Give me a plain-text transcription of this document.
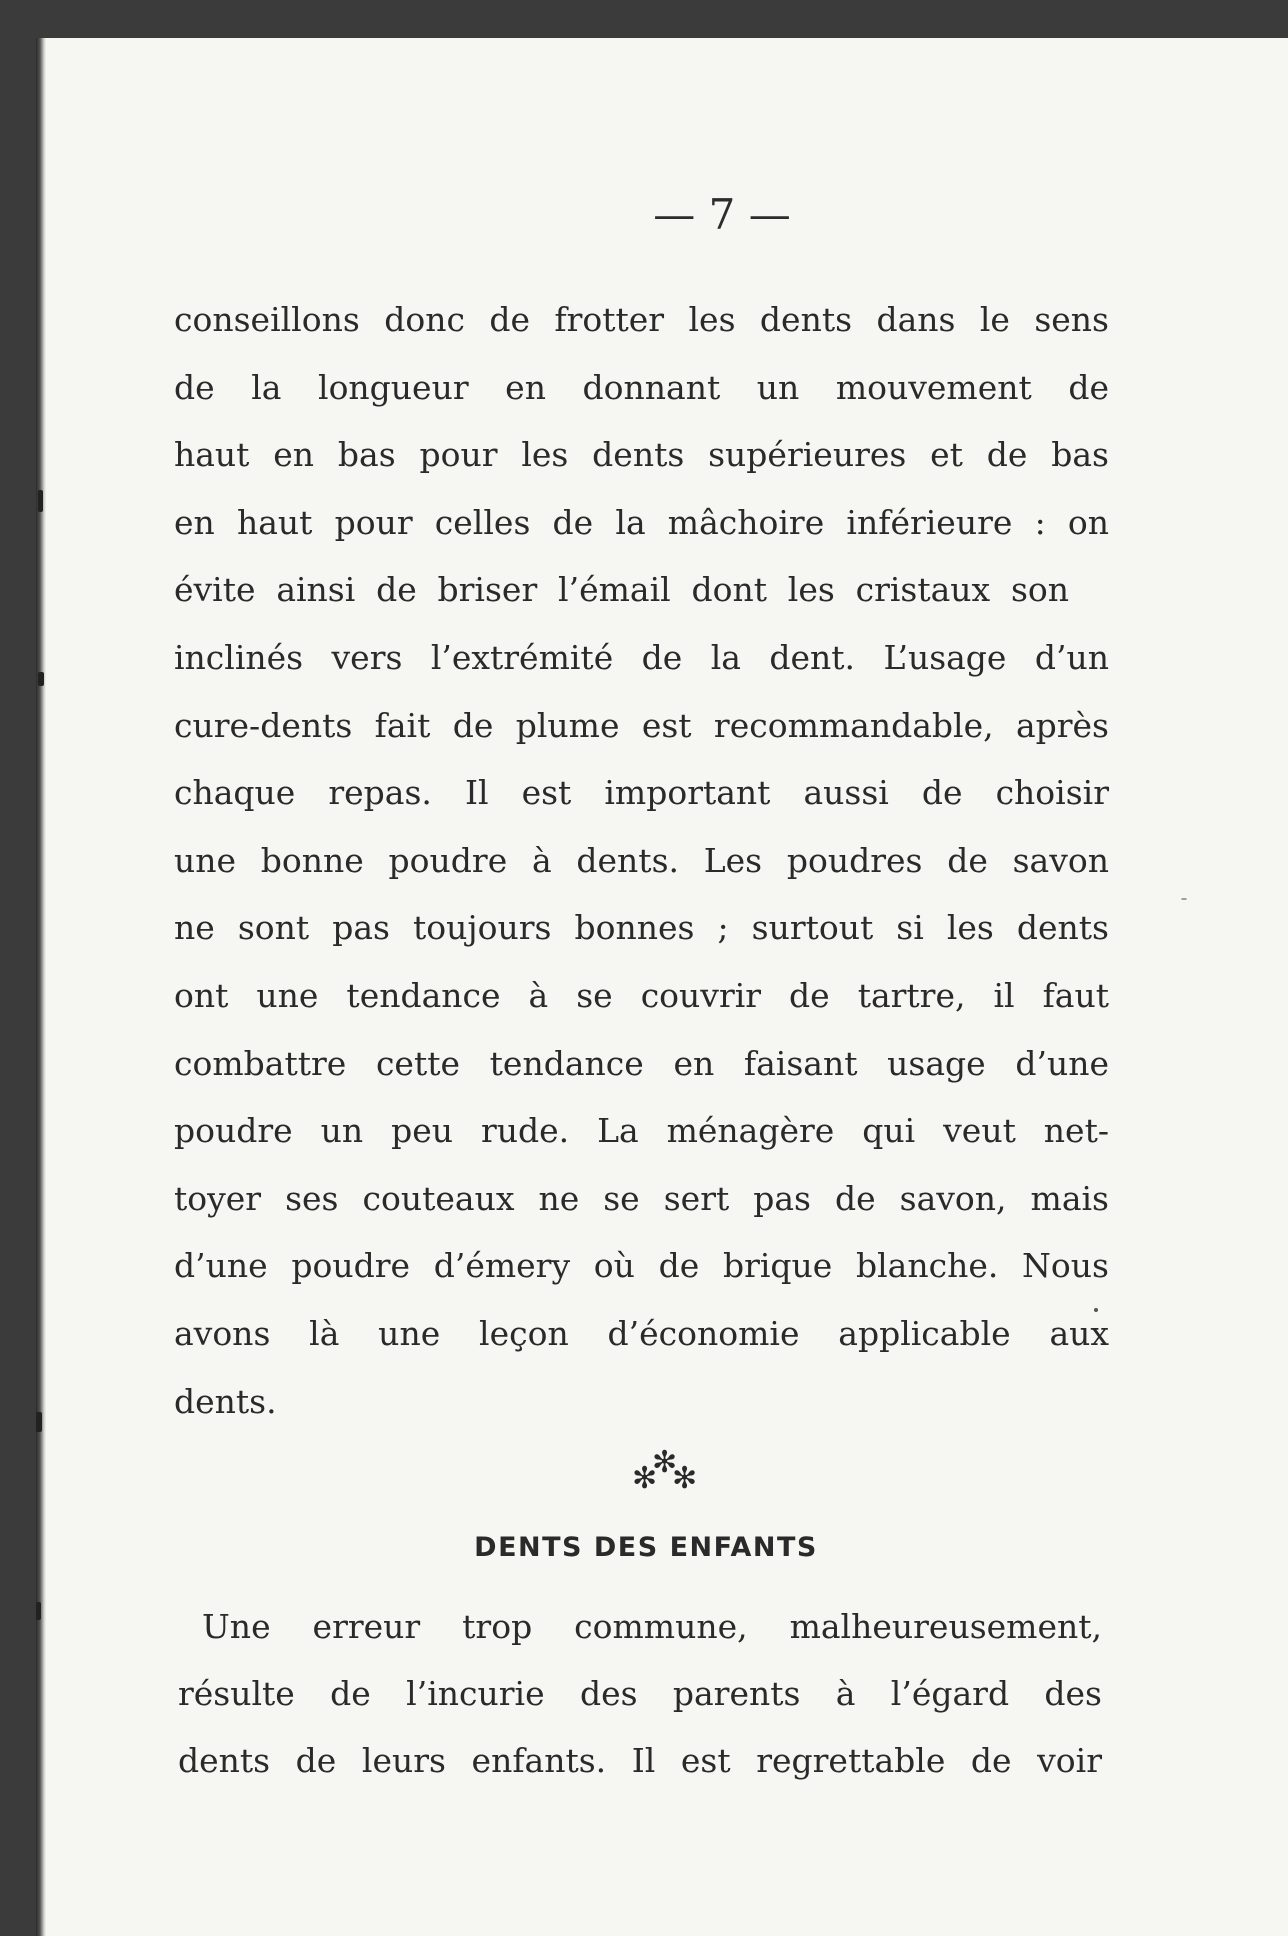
— 7 —
conseillons donc de frotter les dents dans le sens
de la longueur en donnant un mouvement de
haut en bas pour les dents supérieures et de bas
en haut pour celles de la mâchoire inférieure : on
évite ainsi de briser l’émail dont les cristaux son
inclinés vers l’extrémité de la dent. L’usage d’un
cure-dents fait de plume est recommandable, après
chaque repas. Il est important aussi de choisir
une bonne poudre à dents. Les poudres de savon
ne sont pas toujours bonnes ; surtout si les dents
ont une tendance à se couvrir de tartre, il faut
combattre cette tendance en faisant usage d’une
poudre un peu rude. La ménagère qui veut net-
toyer ses couteaux ne se sert pas de savon, mais
d’une poudre d’émery où de brique blanche. Nous
avons là une leçon d’économie applicable aux
dents.
✻
✻
✻
DENTS DES ENFANTS
Une erreur trop commune, malheureusement,
résulte de l’incurie des parents à l’égard des
dents de leurs enfants. Il est regrettable de voir
